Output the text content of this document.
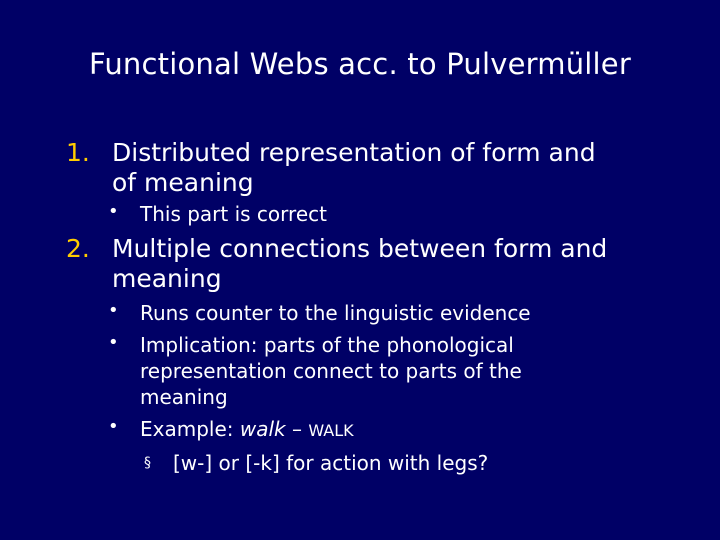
Functional Webs acc. to Pulvermüller
1. Distributed representation of form and
of meaning
• This part is correct
2. Multiple connections between form and
meaning
• Runs counter to the linguistic evidence
• Implication: parts of the phonological
representation connect to parts of the
meaning
• Example: walk – WALK
§ [w-] or [-k] for action with legs?
